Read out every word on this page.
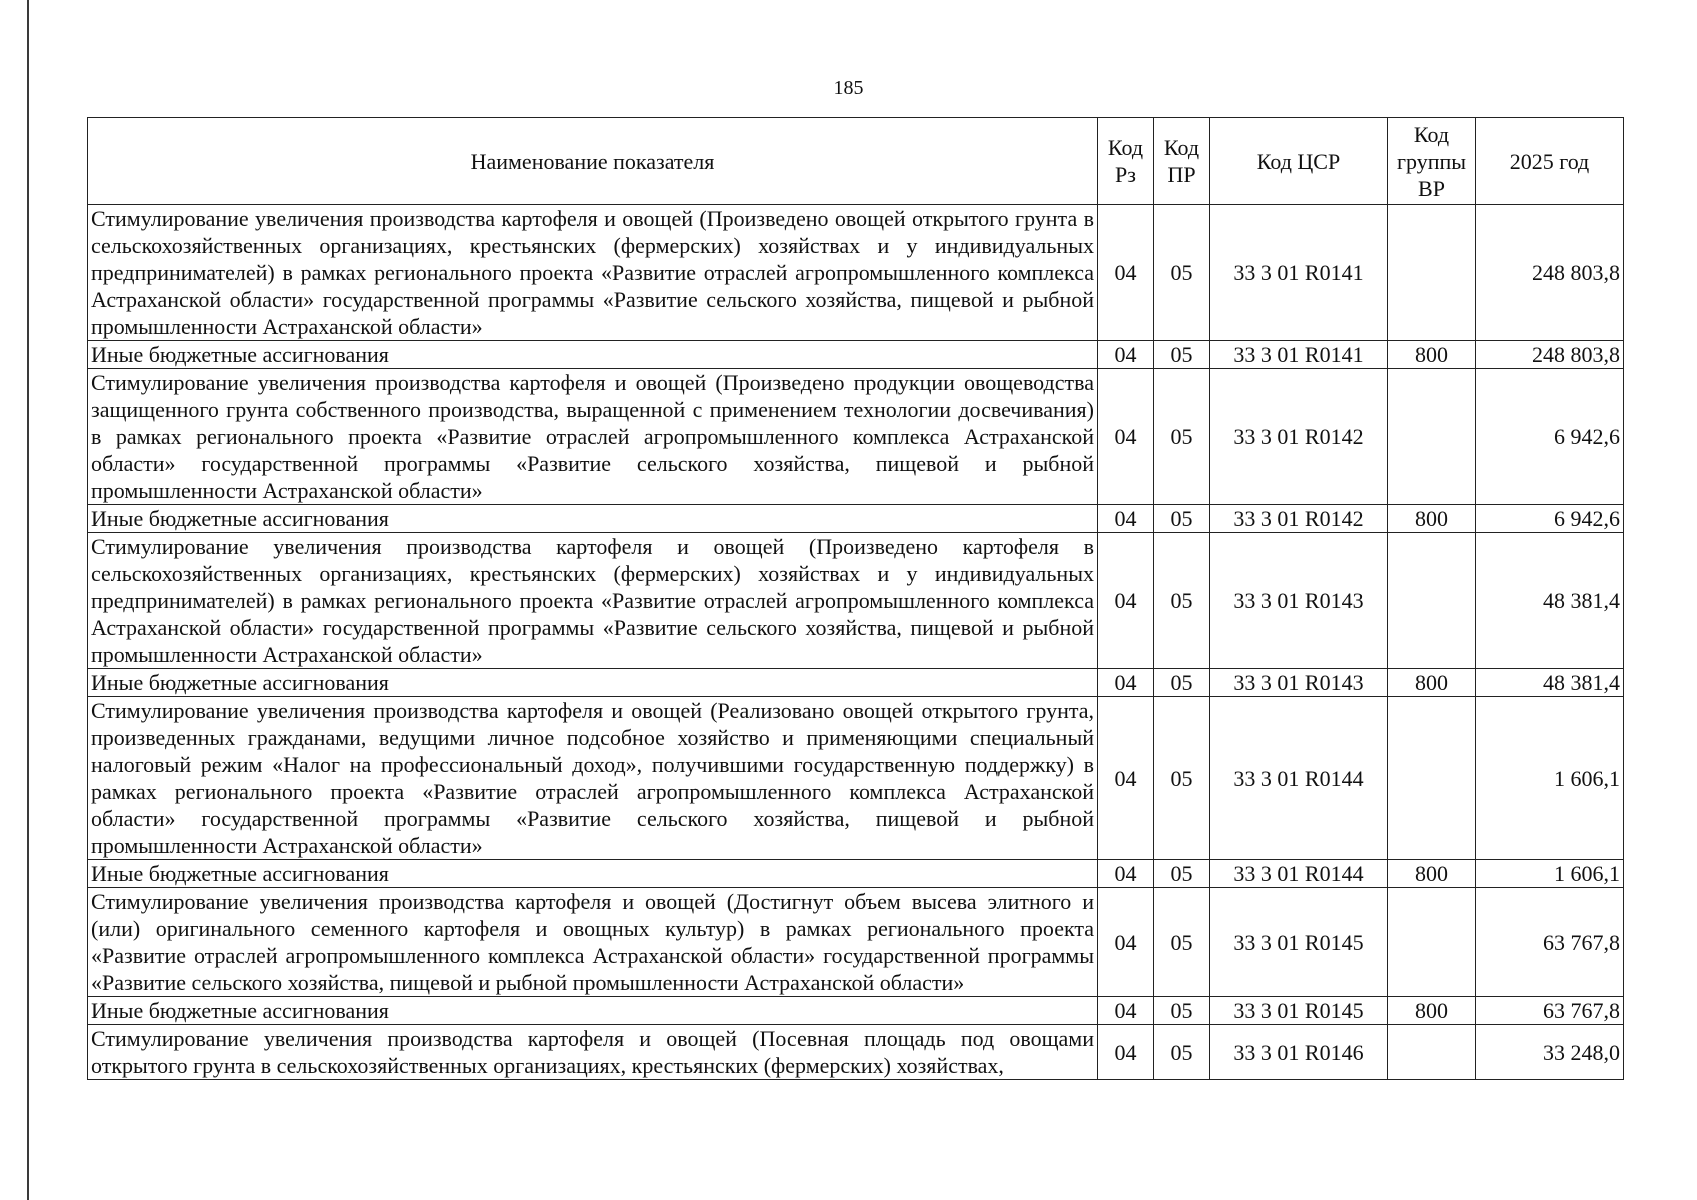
185
Наименование показателя	Код Рз	Код ПР	Код ЦСР	Код группы ВР	2025 год
Стимулирование увеличения производства картофеля и овощей (Произведено овощей открытого грунта в сельскохозяйственных организациях, крестьянских (фермерских) хозяйствах и у индивидуальных предпринимателей) в рамках регионального проекта «Развитие отраслей агропромышленного комплекса Астраханской области» государственной программы «Развитие сельского хозяйства, пищевой и рыбной промышленности Астраханской области»	04	05	33 3 01 R0141		248 803,8
Иные бюджетные ассигнования	04	05	33 3 01 R0141	800	248 803,8
Стимулирование увеличения производства картофеля и овощей (Произведено продукции овощеводства защищенного грунта собственного производства, выращенной с применением технологии досвечивания) в рамках регионального проекта «Развитие отраслей агропромышленного комплекса Астраханской области» государственной программы «Развитие сельского хозяйства, пищевой и рыбной промышленности Астраханской области»	04	05	33 3 01 R0142		6 942,6
Иные бюджетные ассигнования	04	05	33 3 01 R0142	800	6 942,6
Стимулирование увеличения производства картофеля и овощей (Произведено картофеля в сельскохозяйственных организациях, крестьянских (фермерских) хозяйствах и у индивидуальных предпринимателей) в рамках регионального проекта «Развитие отраслей агропромышленного комплекса Астраханской области» государственной программы «Развитие сельского хозяйства, пищевой и рыбной промышленности Астраханской области»	04	05	33 3 01 R0143		48 381,4
Иные бюджетные ассигнования	04	05	33 3 01 R0143	800	48 381,4
Стимулирование увеличения производства картофеля и овощей (Реализовано овощей открытого грунта, произведенных гражданами, ведущими личное подсобное хозяйство и применяющими специальный налоговый режим «Налог на профессиональный доход», получившими государственную поддержку) в рамках регионального проекта «Развитие отраслей агропромышленного комплекса Астраханской области» государственной программы «Развитие сельского хозяйства, пищевой и рыбной промышленности Астраханской области»	04	05	33 3 01 R0144		1 606,1
Иные бюджетные ассигнования	04	05	33 3 01 R0144	800	1 606,1
Стимулирование увеличения производства картофеля и овощей (Достигнут объем высева элитного и (или) оригинального семенного картофеля и овощных культур) в рамках регионального проекта «Развитие отраслей агропромышленного комплекса Астраханской области» государственной программы «Развитие сельского хозяйства, пищевой и рыбной промышленности Астраханской области»	04	05	33 3 01 R0145		63 767,8
Иные бюджетные ассигнования	04	05	33 3 01 R0145	800	63 767,8
Стимулирование увеличения производства картофеля и овощей (Посевная площадь под овощами открытого грунта в сельскохозяйственных организациях, крестьянских (фермерских) хозяйствах,	04	05	33 3 01 R0146		33 248,0
